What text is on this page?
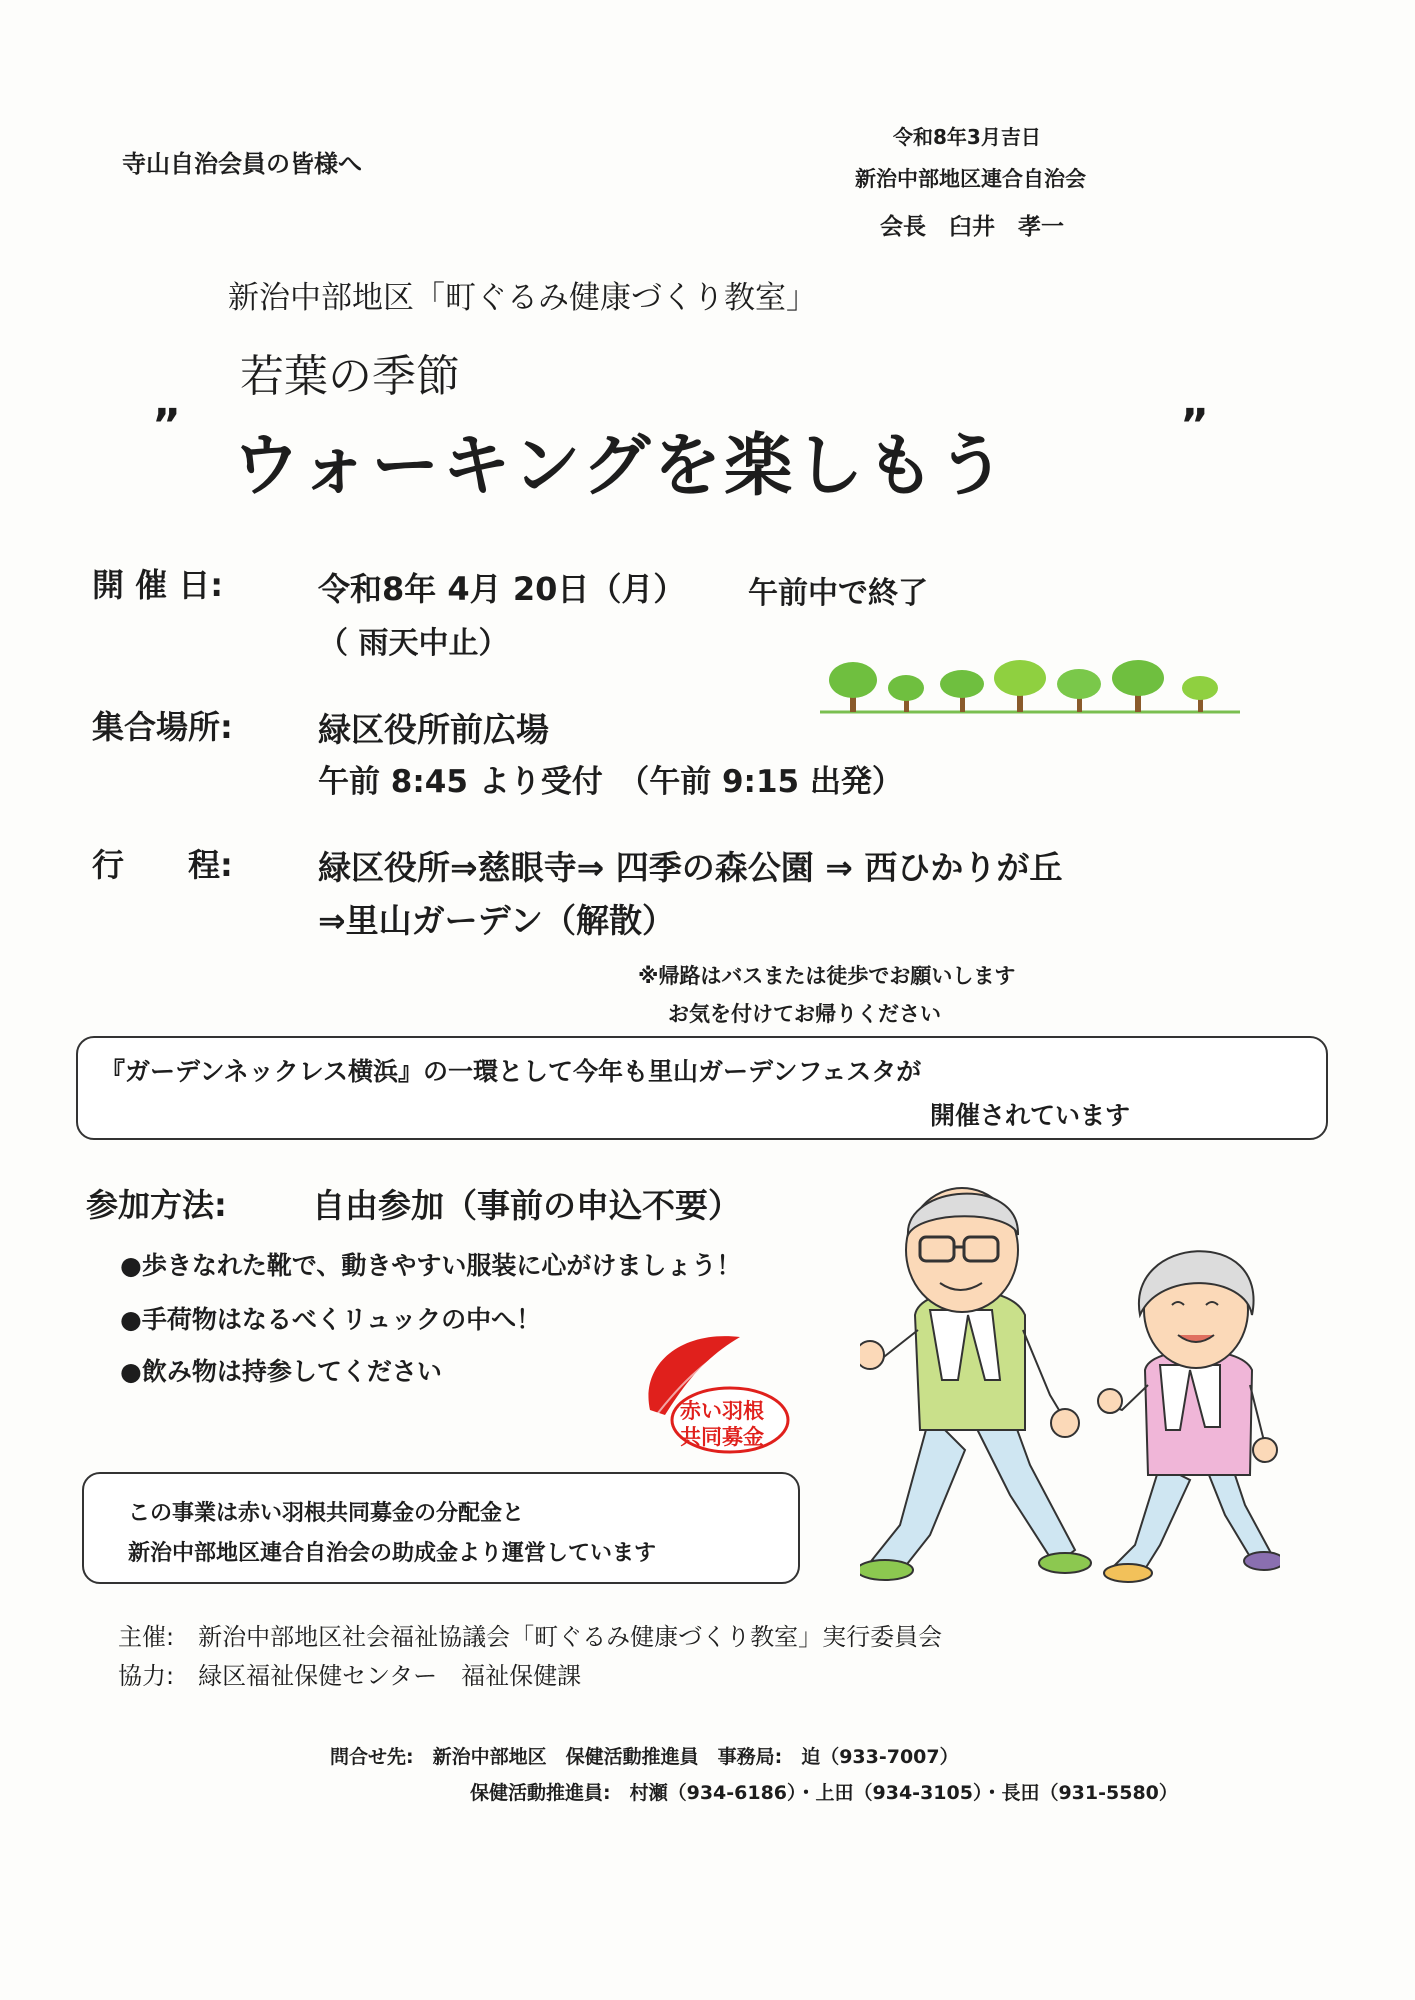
寺山自治会員の皆様へ
令和8年3月吉日
新治中部地区連合自治会
会長　臼井　孝一
新治中部地区「町ぐるみ健康づくり教室」
若葉の季節
”
ウォーキングを楽しもう
”
開 催 日:	令和8年 4月 20日（月） 午前中で終了
（ 雨天中止）
集合場所:	緑区役所前広場
午前 8:45 より受付　（午前 9:15 出発）
行　　程:	緑区役所⇒慈眼寺⇒ 四季の森公園 ⇒ 西ひかりが丘
⇒里山ガーデン（解散）
※帰路はバスまたは徒歩でお願いします
お気を付けてお帰りください
『ガーデンネックレス横浜』の一環として今年も里山ガーデンフェスタが
開催されています
参加方法:	自由参加（事前の申込不要）
●歩きなれた靴で、動きやすい服装に心がけましょう！
●手荷物はなるべくリュックの中へ！
●飲み物は持参してください
赤い羽根
共同募金
この事業は赤い羽根共同募金の分配金と
新治中部地区連合自治会の助成金より運営しています
主催:　新治中部地区社会福祉協議会「町ぐるみ健康づくり教室」実行委員会
協力:　緑区福祉保健センター　福祉保健課
問合せ先:　新治中部地区　保健活動推進員　事務局:　迫（933-7007）
保健活動推進員:　村瀬（934-6186）・上田（934-3105）・長田（931-5580）
